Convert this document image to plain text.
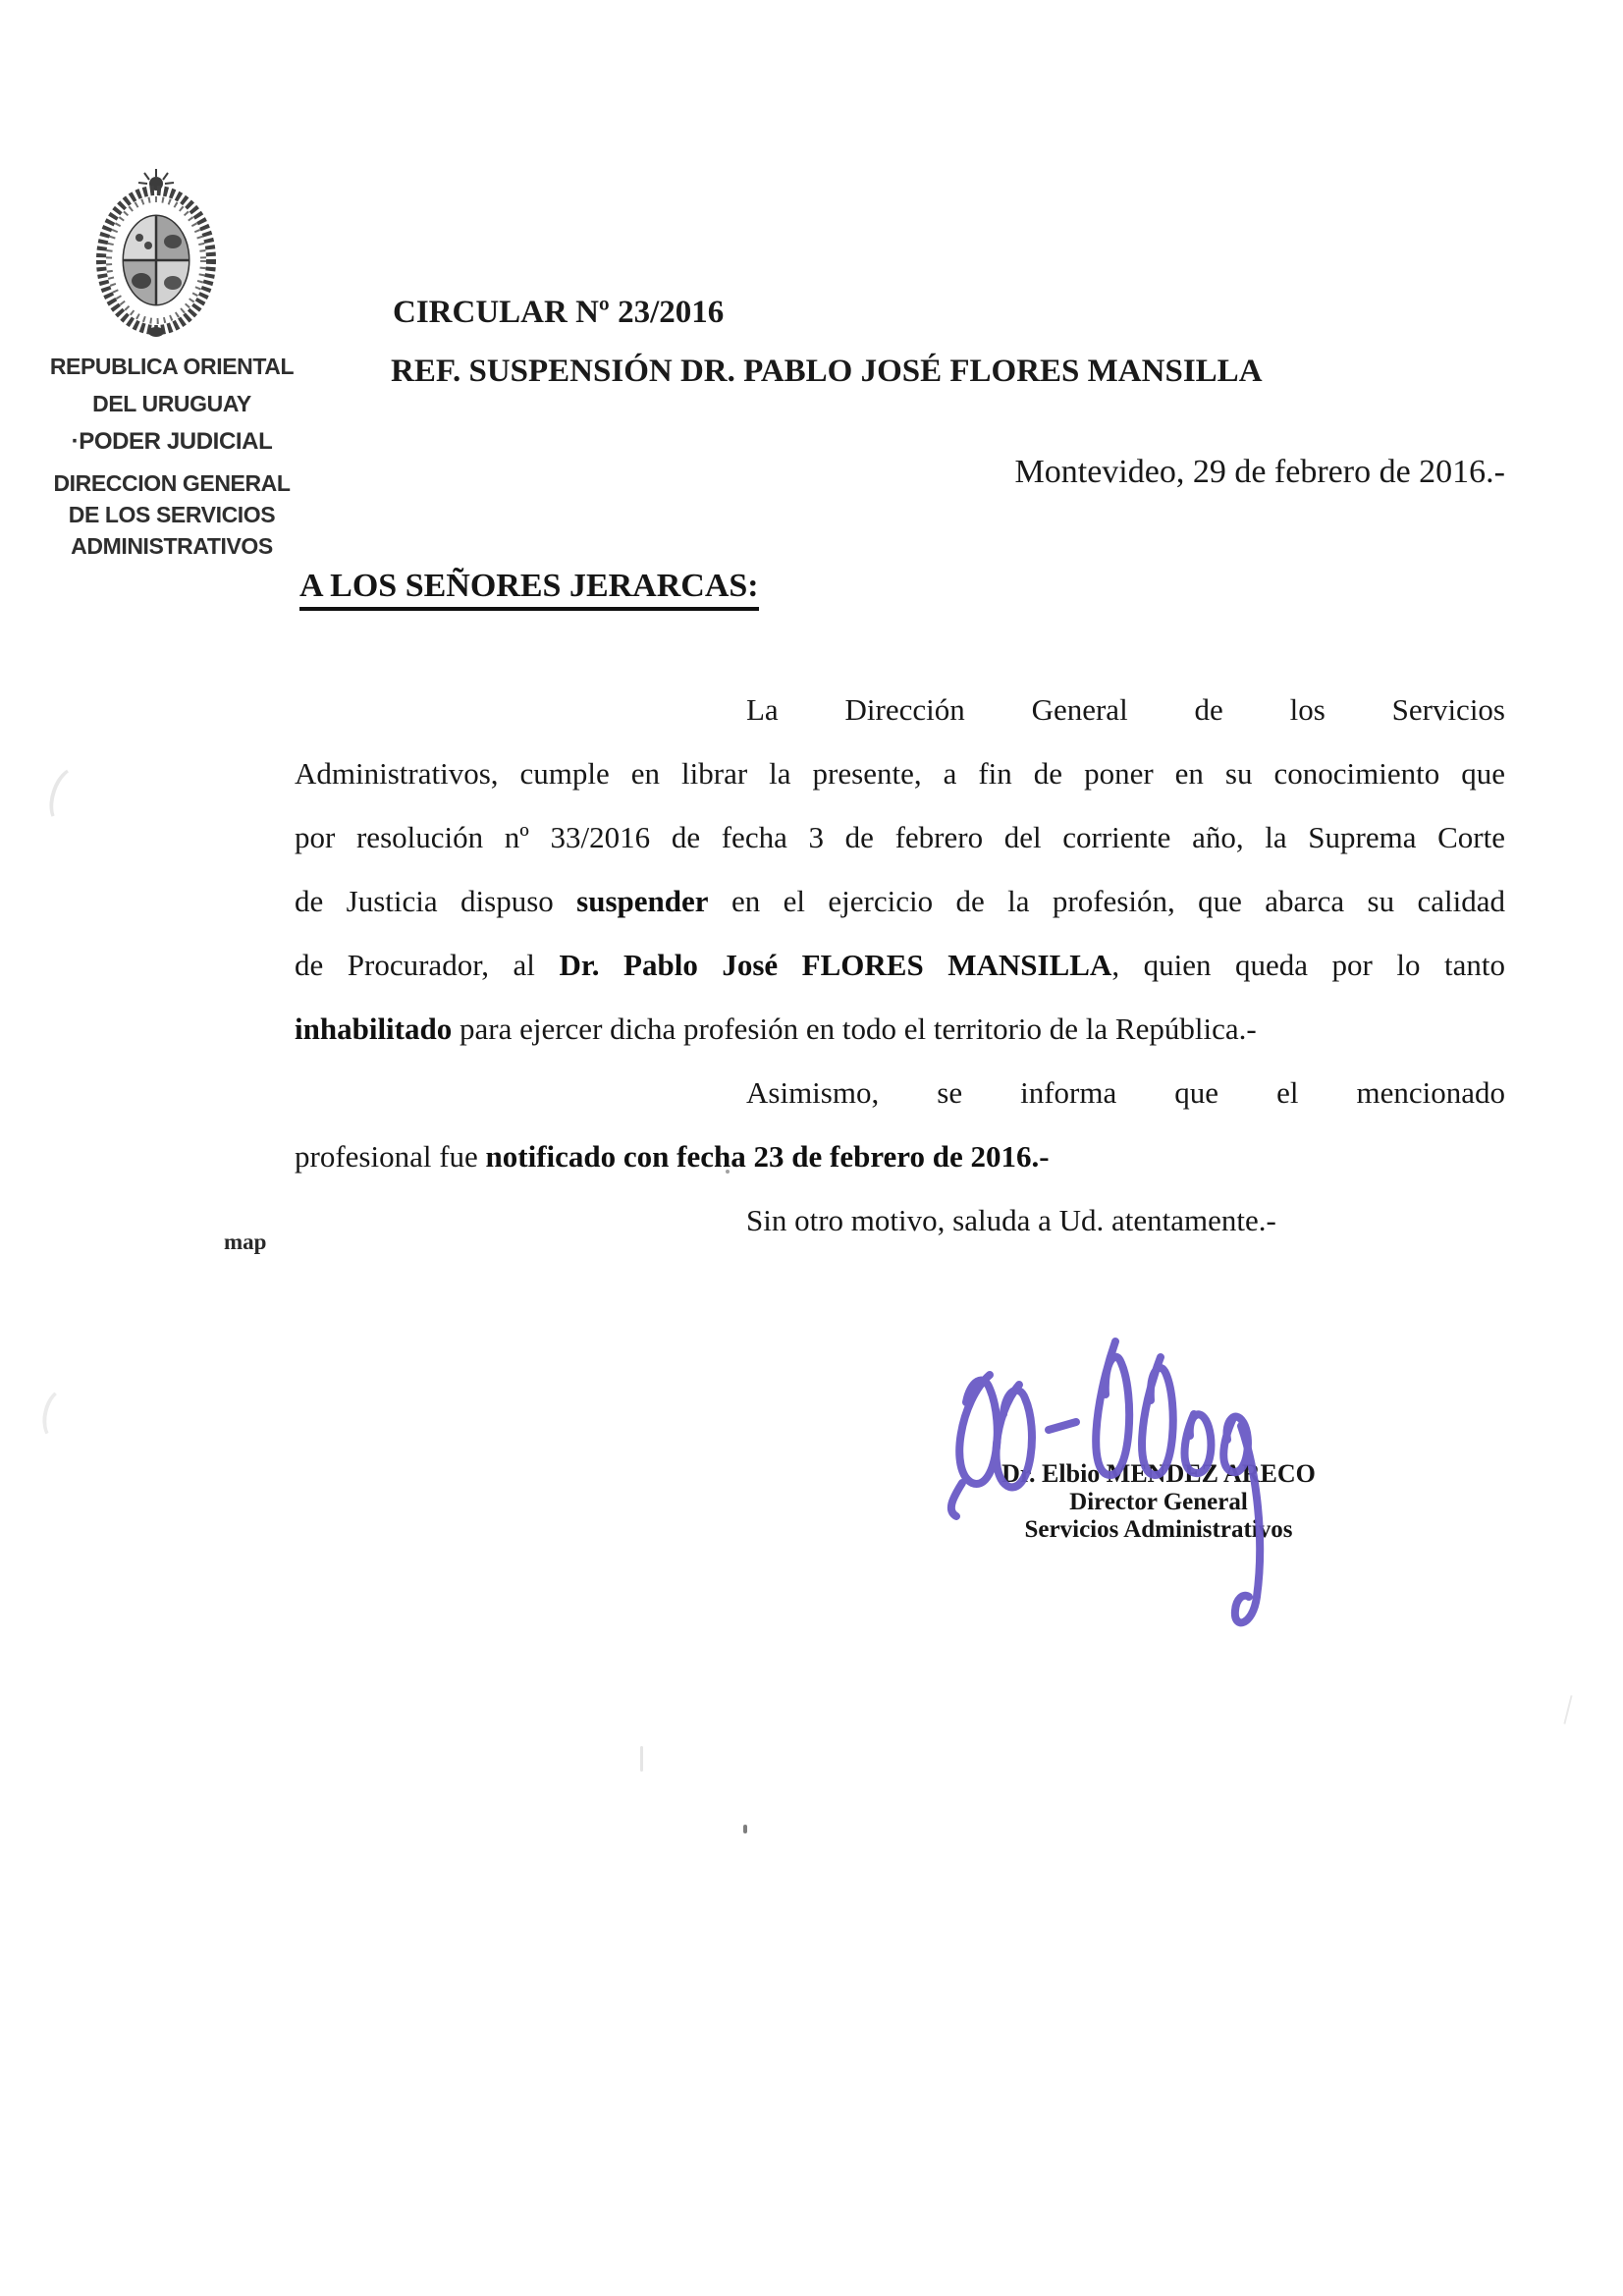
REPUBLICA ORIENTAL
DEL URUGUAY
·PODER JUDICIAL
DIRECCION GENERAL
DE LOS SERVICIOS
ADMINISTRATIVOS
CIRCULAR Nº 23/2016
REF. SUSPENSIÓN DR. PABLO JOSÉ FLORES MANSILLA
Montevideo, 29 de febrero de 2016.-
A LOS SEÑORES JERARCAS:
La Dirección General de los Servicios
Administrativos, cumple en librar la presente, a fin de poner en su conocimiento que
por resolución nº 33/2016 de fecha 3 de febrero del corriente año, la Suprema Corte
de Justicia dispuso suspender en el ejercicio de la profesión, que abarca su calidad
de Procurador, al Dr. Pablo José FLORES MANSILLA, quien queda por lo tanto
inhabilitado para ejercer dicha profesión en todo el territorio de la República.-
Asimismo, se informa que el mencionado
profesional fue notificado con fecha 23 de febrero de 2016.-
Sin otro motivo, saluda a Ud. atentamente.-
map
Dr. Elbio MENDEZ ARECO
Director General
Servicios Administrativos
